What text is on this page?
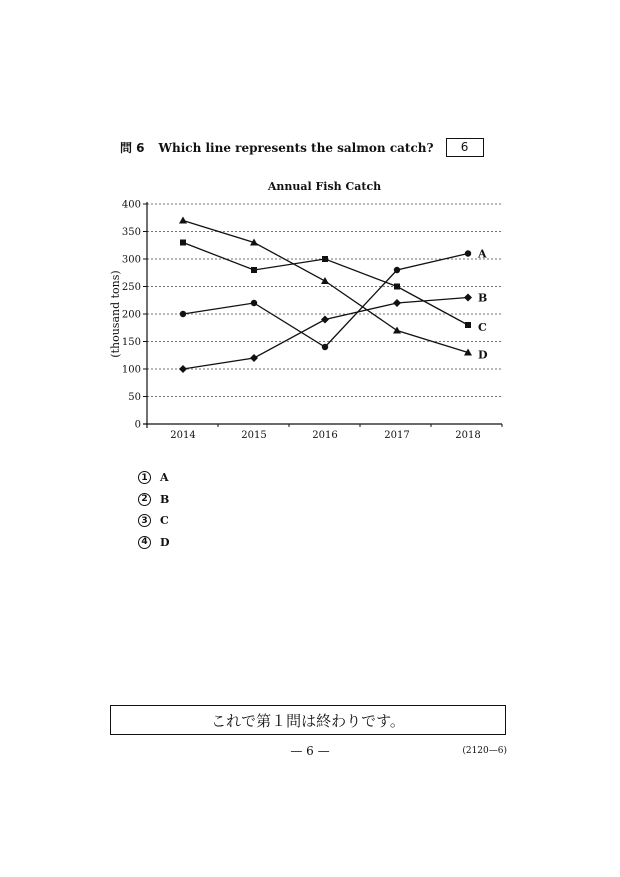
問 6 Which line represents the salmon catch?	6
Annual Fish Catch
0
50
100
150
200
250
300
350
400
2014	2015	2016	2017	2018
(thousand tons)
A
B
C
D
1	A
2	B
3	C
4	D
これで第１問は終わりです。
— 6 —	(2120—6)
